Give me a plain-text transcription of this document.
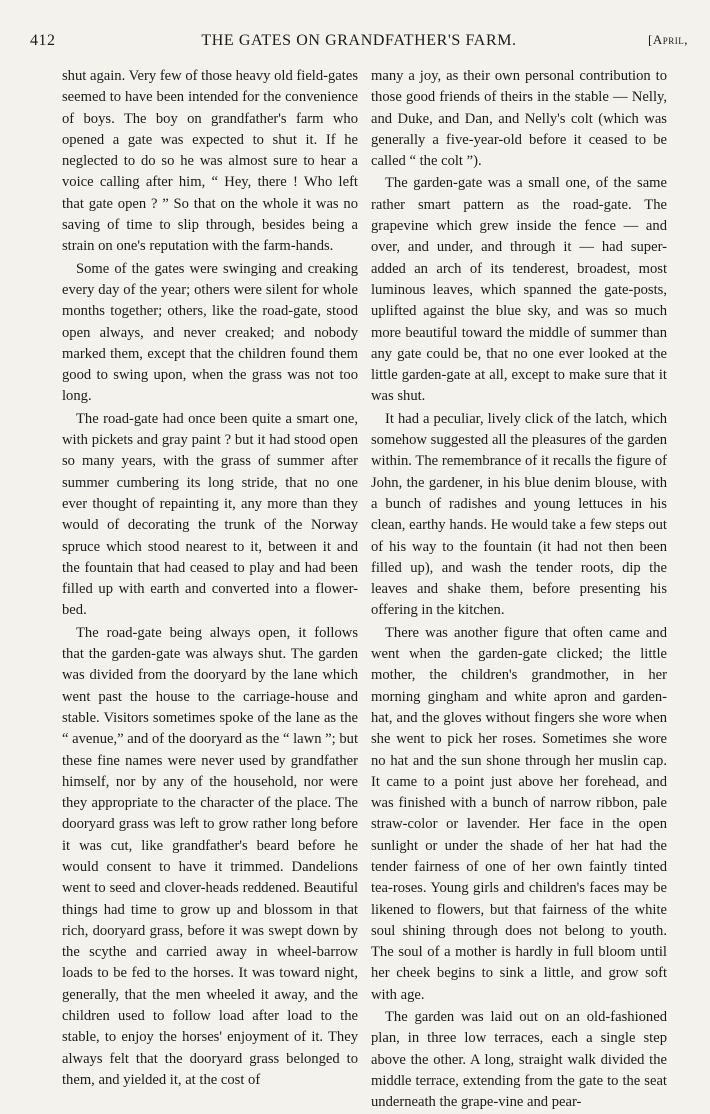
412	THE GATES ON GRANDFATHER'S FARM.	[April,

shut again. Very few of those heavy old field-gates seemed to have been intended for the convenience of boys. The boy on grandfather's farm who opened a gate was expected to shut it. If he neglected to do so he was almost sure to hear a voice calling after him, “ Hey, there ! Who left that gate open ? ” So that on the whole it was no saving of time to slip through, besides being a strain on one's reputation with the farm-hands.

Some of the gates were swinging and creaking every day of the year; others were silent for whole months together; others, like the road-gate, stood open always, and never creaked; and nobody marked them, except that the children found them good to swing upon, when the grass was not too long.

The road-gate had once been quite a smart one, with pickets and gray paint ? but it had stood open so many years, with the grass of summer after summer cumbering its long stride, that no one ever thought of repainting it, any more than they would of decorating the trunk of the Norway spruce which stood nearest to it, between it and the fountain that had ceased to play and had been filled up with earth and converted into a flower-bed.

The road-gate being always open, it follows that the garden-gate was always shut. The garden was divided from the dooryard by the lane which went past the house to the carriage-house and stable. Visitors sometimes spoke of the lane as the “ avenue,” and of the dooryard as the “ lawn ”; but these fine names were never used by grandfather himself, nor by any of the household, nor were they appropriate to the character of the place. The dooryard grass was left to grow rather long before it was cut, like grandfather's beard before he would consent to have it trimmed. Dandelions went to seed and clover-heads reddened. Beautiful things had time to grow up and blossom in that rich, dooryard grass, before it was swept down by the scythe and carried away in wheel-barrow loads to be fed to the horses. It was toward night, generally, that the men wheeled it away, and the children used to follow load after load to the stable, to enjoy the horses' enjoyment of it. They always felt that the dooryard grass belonged to them, and yielded it, at the cost of

many a joy, as their own personal contribution to those good friends of theirs in the stable — Nelly, and Duke, and Dan, and Nelly's colt (which was generally a five-year-old before it ceased to be called “ the colt ”).

The garden-gate was a small one, of the same rather smart pattern as the road-gate. The grapevine which grew inside the fence — and over, and under, and through it — had super-added an arch of its tenderest, broadest, most luminous leaves, which spanned the gate-posts, uplifted against the blue sky, and was so much more beautiful toward the middle of summer than any gate could be, that no one ever looked at the little garden-gate at all, except to make sure that it was shut.

It had a peculiar, lively click of the latch, which somehow suggested all the pleasures of the garden within. The remembrance of it recalls the figure of John, the gardener, in his blue denim blouse, with a bunch of radishes and young lettuces in his clean, earthy hands. He would take a few steps out of his way to the fountain (it had not then been filled up), and wash the tender roots, dip the leaves and shake them, before presenting his offering in the kitchen.

There was another figure that often came and went when the garden-gate clicked; the little mother, the children's grandmother, in her morning gingham and white apron and garden-hat, and the gloves without fingers she wore when she went to pick her roses. Sometimes she wore no hat and the sun shone through her muslin cap. It came to a point just above her forehead, and was finished with a bunch of narrow ribbon, pale straw-color or lavender. Her face in the open sunlight or under the shade of her hat had the tender fairness of one of her own faintly tinted tea-roses. Young girls and children's faces may be likened to flowers, but that fairness of the white soul shining through does not belong to youth. The soul of a mother is hardly in full bloom until her cheek begins to sink a little, and grow soft with age.

The garden was laid out on an old-fashioned plan, in three low terraces, each a single step above the other. A long, straight walk divided the middle terrace, extending from the gate to the seat underneath the grape-vine and pear-
